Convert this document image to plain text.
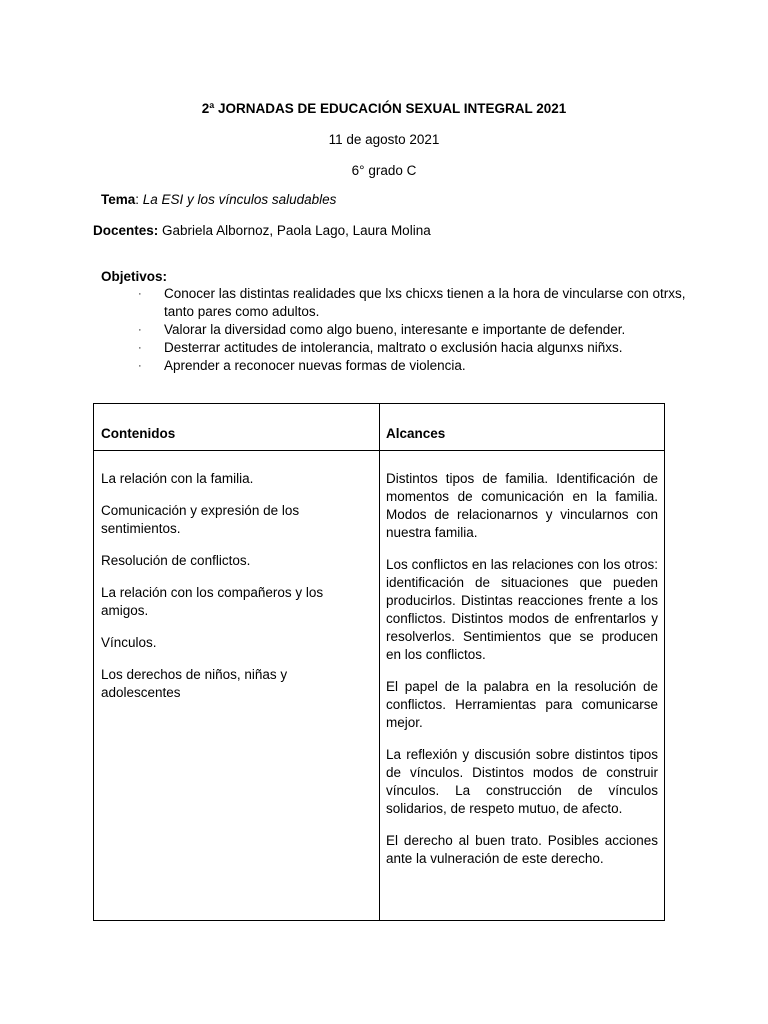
2ª JORNADAS DE EDUCACIÓN SEXUAL INTEGRAL 2021
11 de agosto 2021
6° grado C
Tema: La ESI y los vínculos saludables
Docentes: Gabriela Albornoz, Paola Lago, Laura Molina
Objetivos:
· Conocer las distintas realidades que lxs chicxs tienen a la hora de vincularse con otrxs, tanto pares como adultos.
· Valorar la diversidad como algo bueno, interesante e importante de defender.
· Desterrar actitudes de intolerancia, maltrato o exclusión hacia algunxs niñxs.
· Aprender a reconocer nuevas formas de violencia.
Contenidos	Alcances

La relación con la familia.

Comunicación y expresión de los sentimientos.

Resolución de conflictos.

La relación con los compañeros y los amigos.

Vínculos.

Los derechos de niños, niñas y adolescentes

Distintos tipos de familia. Identificación de momentos de comunicación en la familia. Modos de relacionarnos y vincularnos con nuestra familia.

Los conflictos en las relaciones con los otros: identificación de situaciones que pueden producirlos. Distintas reacciones frente a los conflictos. Distintos modos de enfrentarlos y resolverlos. Sentimientos que se producen en los conflictos.

El papel de la palabra en la resolución de conflictos. Herramientas para comunicarse mejor.

La reflexión y discusión sobre distintos tipos de vínculos. Distintos modos de construir vínculos. La construcción de vínculos solidarios, de respeto mutuo, de afecto.

El derecho al buen trato. Posibles acciones ante la vulneración de este derecho.
